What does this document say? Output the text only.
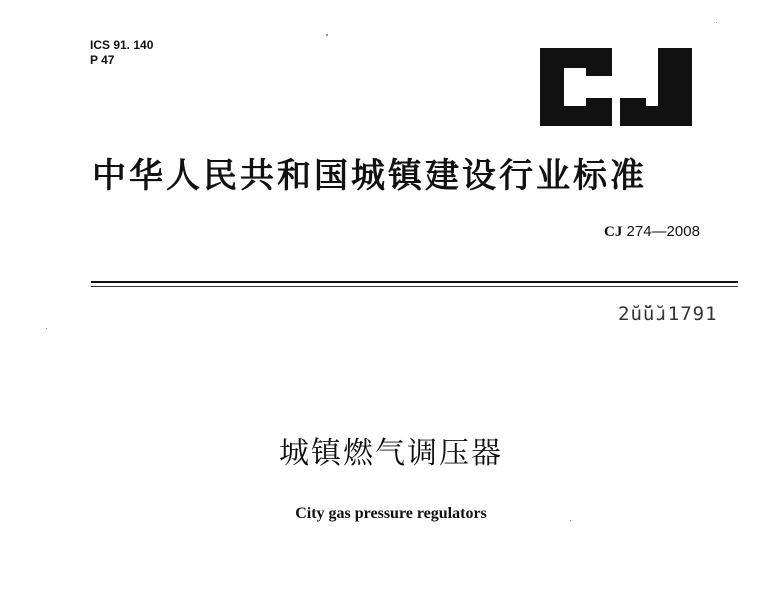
ICS 91. 140
P 47
中华人民共和国城镇建设行业标准
CJ 274—2008
2ŭ̆ŭ̆ɹ1791
城镇燃气调压器
City gas pressure regulators
